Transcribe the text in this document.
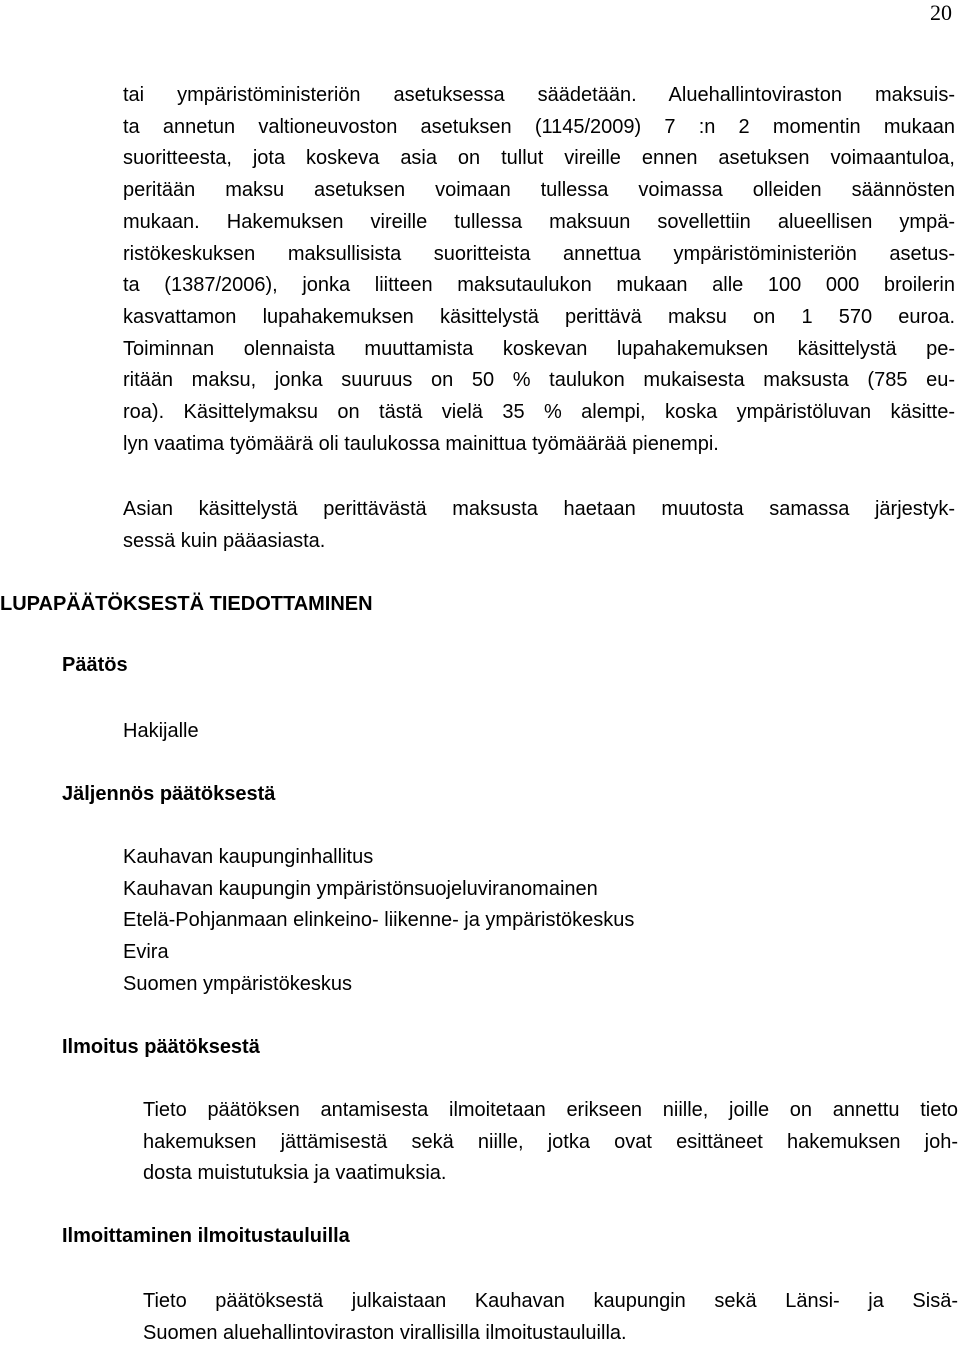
20
tai ympäristöministeriön asetuksessa säädetään. Aluehallintoviraston maksuis-
ta annetun valtioneuvoston asetuksen (1145/2009) 7 :n 2 momentin mukaan
suoritteesta, jota koskeva asia on tullut vireille ennen asetuksen voimaantuloa,
peritään maksu asetuksen voimaan tullessa voimassa olleiden säännösten
mukaan. Hakemuksen vireille tullessa maksuun sovellettiin alueellisen ympä-
ristökeskuksen maksullisista suoritteista annettua ympäristöministeriön asetus-
ta (1387/2006), jonka liitteen maksutaulukon mukaan alle 100 000 broilerin
kasvattamon lupahakemuksen käsittelystä perittävä maksu on 1 570 euroa.
Toiminnan olennaista muuttamista koskevan lupahakemuksen käsittelystä pe-
ritään maksu, jonka suuruus on 50 % taulukon mukaisesta maksusta (785 eu-
roa). Käsittelymaksu on tästä vielä 35 % alempi, koska ympäristöluvan käsitte-
lyn vaatima työmäärä oli taulukossa mainittua työmäärää pienempi.
Asian käsittelystä perittävästä maksusta haetaan muutosta samassa järjestyk-
sessä kuin pääasiasta.
LUPAPÄÄTÖKSESTÄ TIEDOTTAMINEN
Päätös
Hakijalle
Jäljennös päätöksestä
Kauhavan kaupunginhallitus
Kauhavan kaupungin ympäristönsuojeluviranomainen
Etelä-Pohjanmaan elinkeino- liikenne- ja ympäristökeskus
Evira
Suomen ympäristökeskus
Ilmoitus päätöksestä
Tieto päätöksen antamisesta ilmoitetaan erikseen niille, joille on annettu tieto
hakemuksen jättämisestä sekä niille, jotka ovat esittäneet hakemuksen joh-
dosta muistutuksia ja vaatimuksia.
Ilmoittaminen ilmoitustauluilla
Tieto päätöksestä julkaistaan Kauhavan kaupungin sekä Länsi- ja Sisä-
Suomen aluehallintoviraston virallisilla ilmoitustauluilla.
